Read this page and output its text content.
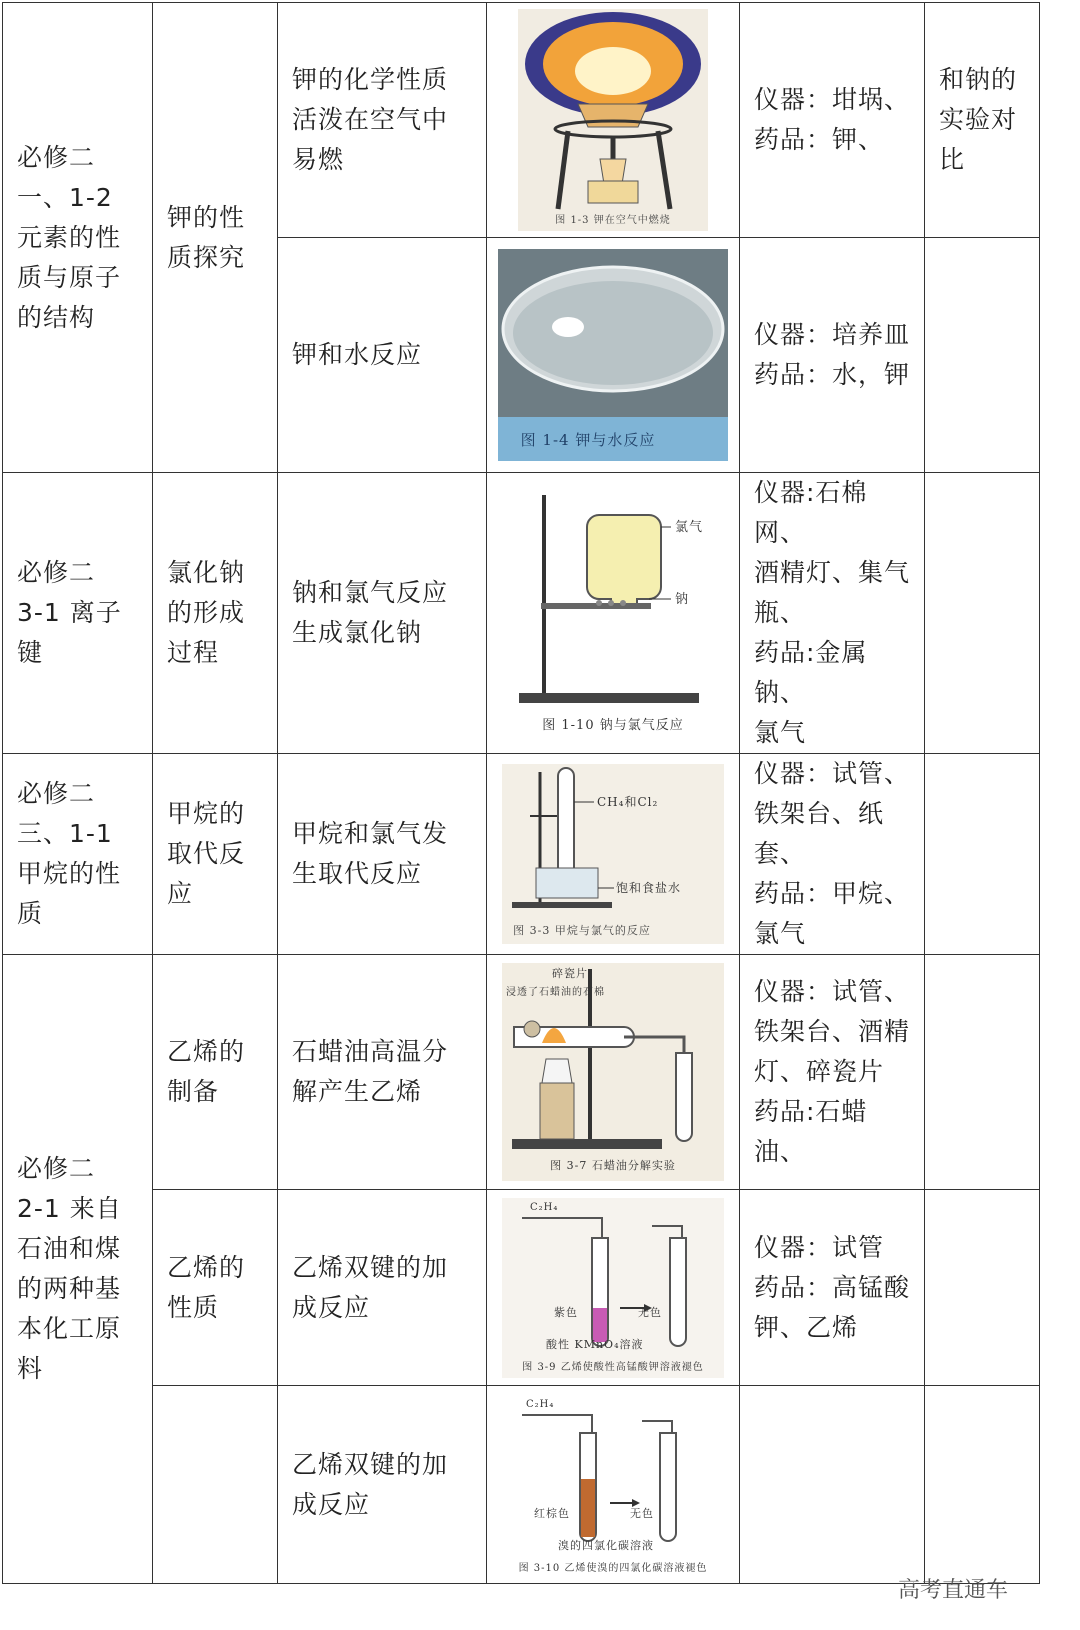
必修二
一、1-2 元素的性质与原子的结构	钾的性质探究	钾的化学性质
活泼在空气中
易燃	图 1-3 钾在空气中燃烧	仪器：坩埚、
药品：钾、	和钠的实验对比

		钾和水反应	图 1-4 钾与水反应	仪器：培养皿
药品：水，钾	

必修二
3-1 离子键	氯化钠的形成过程	钠和氯气反应
生成氯化钠	氯气
钠
图 1-10 钠与氯气反应	仪器:石棉网、
酒精灯、集气
瓶、
药品:金属钠、
氯气	

必修二
三、1-1 甲烷的性质	甲烷的取代反应	甲烷和氯气发
生取代反应	CH₄和Cl₂
饱和食盐水
图 3-3 甲烷与氯气的反应	仪器：试管、
铁架台、纸套、
药品：甲烷、
氯气	

必修二
2-1 来自石油和煤的两种基本化工原料	乙烯的制备	石蜡油高温分
解产生乙烯	碎瓷片
浸透了石蜡油的石棉
图 3-7 石蜡油分解实验	仪器：试管、
铁架台、酒精
灯、碎瓷片
药品:石蜡油、	

	乙烯的性质	乙烯双键的加
成反应	C₂H₄
紫色 无色
酸性 KMnO₄溶液
图 3-9 乙烯使酸性高锰酸钾溶液褪色	仪器：试管
药品：高锰酸
钾、乙烯	

		乙烯双键的加
成反应	C₂H₄
红棕色 无色
溴的四氯化碳溶液
图 3-10 乙烯使溴的四氯化碳溶液褪色		

高考直通车
